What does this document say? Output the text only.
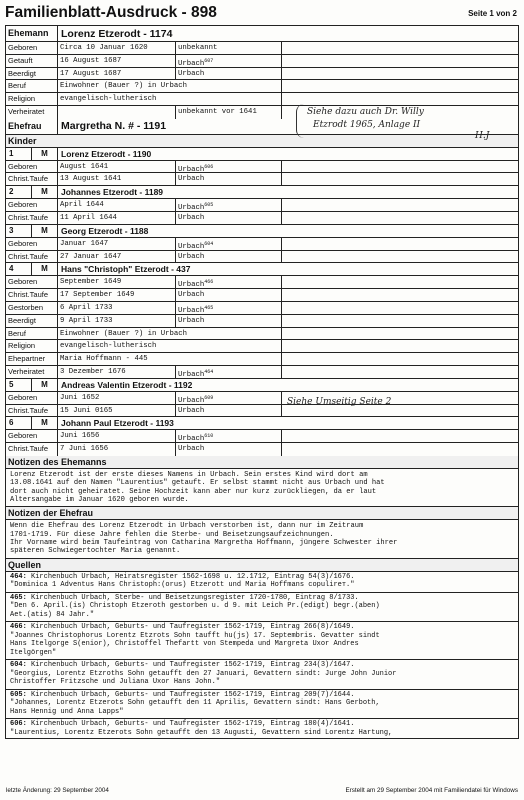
Familienblatt-Ausdruck - 898	Seite 1 von 2
Ehemann	Lorenz Etzerodt - 1174
Geboren	Circa 10 Januar 1620	unbekannt
Getauft	16 August 1687	Urbach$^{607}$
Beerdigt	17 August 1687	Urbach
Beruf	Einwohner (Bauer ?) in Urbach
Religion	evangelisch-lutherisch
Verheiratet	unbekannt vor 1641
Ehefrau	Margretha N. # - 1191
Kinder
1	M	Lorenz Etzerodt - 1190
Geboren	August 1641	Urbach$^{606}$
Christ.Taufe	13 August 1641	Urbach
2	M	Johannes Etzerodt - 1189
Geboren	April 1644	Urbach$^{605}$
Christ.Taufe	11 April 1644	Urbach
3	M	Georg Etzerodt - 1188
Geboren	Januar 1647	Urbach$^{604}$
Christ.Taufe	27 Januar 1647	Urbach
4	M	Hans "Christoph" Etzerodt - 437
Geboren	September 1649	Urbach$^{466}$
Christ.Taufe	17 September 1649	Urbach
Gestorben	6 April 1733	Urbach$^{465}$
Beerdigt	9 April 1733	Urbach
Beruf	Einwohner (Bauer ?) in Urbach
Religion	evangelisch-lutherisch
Ehepartner	Maria Hoffmann - 445
Verheiratet	3 Dezember 1676	Urbach$^{464}$
5	M	Andreas Valentin Etzerodt - 1192
Geboren	Juni 1652	Urbach$^{609}$
Christ.Taufe	15 Juni 0165	Urbach
6	M	Johann Paul Etzerodt - 1193
Geboren	Juni 1656	Urbach$^{610}$
Christ.Taufe	7 Juni 1656	Urbach
Notizen des Ehemanns
Lorenz Etzerodt ist der erste dieses Namens in Urbach. Sein erstes Kind wird dort am
13.08.1641 auf den Namen "Laurentius" getauft. Er selbst stammt nicht aus Urbach und hat
dort auch nicht geheiratet. Seine Hochzeit kann aber nur kurz zurückliegen, da er laut
Altersangabe im Januar 1620 geboren wurde.
Notizen der Ehefrau
Wenn die Ehefrau des Lorenz Etzerodt in Urbach verstorben ist, dann nur im Zeitraum
1701-1719. Für diese Jahre fehlen die Sterbe- und Beisetzungsaufzeichnungen.
Ihr Vorname wird beim Taufeintrag von Catharina Margretha Hoffmann, jüngere Schwester ihrer
späteren Schwiegertochter Maria genannt.
Quellen
464: Kirchenbuch Urbach, Heiratsregister 1562-1698 u. 12.1712, Eintrag 54(3)/1676.
"Dominica 1 Adventus Hans Christoph:(orus) Etzerott und Maria Hoffmans copulirет."
465: Kirchenbuch Urbach, Sterbe- und Beisetzungsregister 1720-1780, Eintrag 8/1733.
"Den 6. April.(is) Christoph Etzeroth gestorben u. d 9. mit Leich Pr.(edigt) begr.(aben)
Aet.(atis) 84 Jahr."
466: Kirchenbuch Urbach, Geburts- und Taufregister 1562-1719, Eintrag 266(8)/1649.
"Joannes Christophorus Lorentz Etzrots Sohn taufft hu(js) 17. Septembris. Gevatter sindt
Hans Itelgorge S(enior), Christoffel Thefartt von Stempeda und Margreta Uxor Andres
Itelgörgen"
604: Kirchenbuch Urbach, Geburts- und Taufregister 1562-1719, Eintrag 234(3)/1647.
"Georgius, Lorentz Etzroths Sohn getaufft den 27 Januari, Gevattern sindt: Jurge John Junior
Christoffer Fritzsche und Juliana Uxor Hans John."
605: Kirchenbuch Urbach, Geburts- und Taufregister 1562-1719, Eintrag 209(7)/1644.
"Johannes, Lorentz Etzerots Sohn getaufft den 11 Aprilis, Gevattern sindt: Hans Gerboth,
Hans Hennig und Anna Lapps"
606: Kirchenbuch Urbach, Geburts- und Taufregister 1562-1719, Eintrag 180(4)/1641.
"Laurentius, Lorentz Etzerots Sohn getaufft den 13 Augusti, Gevattern sind Lorentz Hartung,
Siehe dazu auch Dr. Willy
Etzrodt 1965, Anlage II
H.J
Siehe Umseitig Seite 2
letzte Änderung: 29 September 2004	Erstellt am 29 September 2004 mit Familiendatei für Windows
